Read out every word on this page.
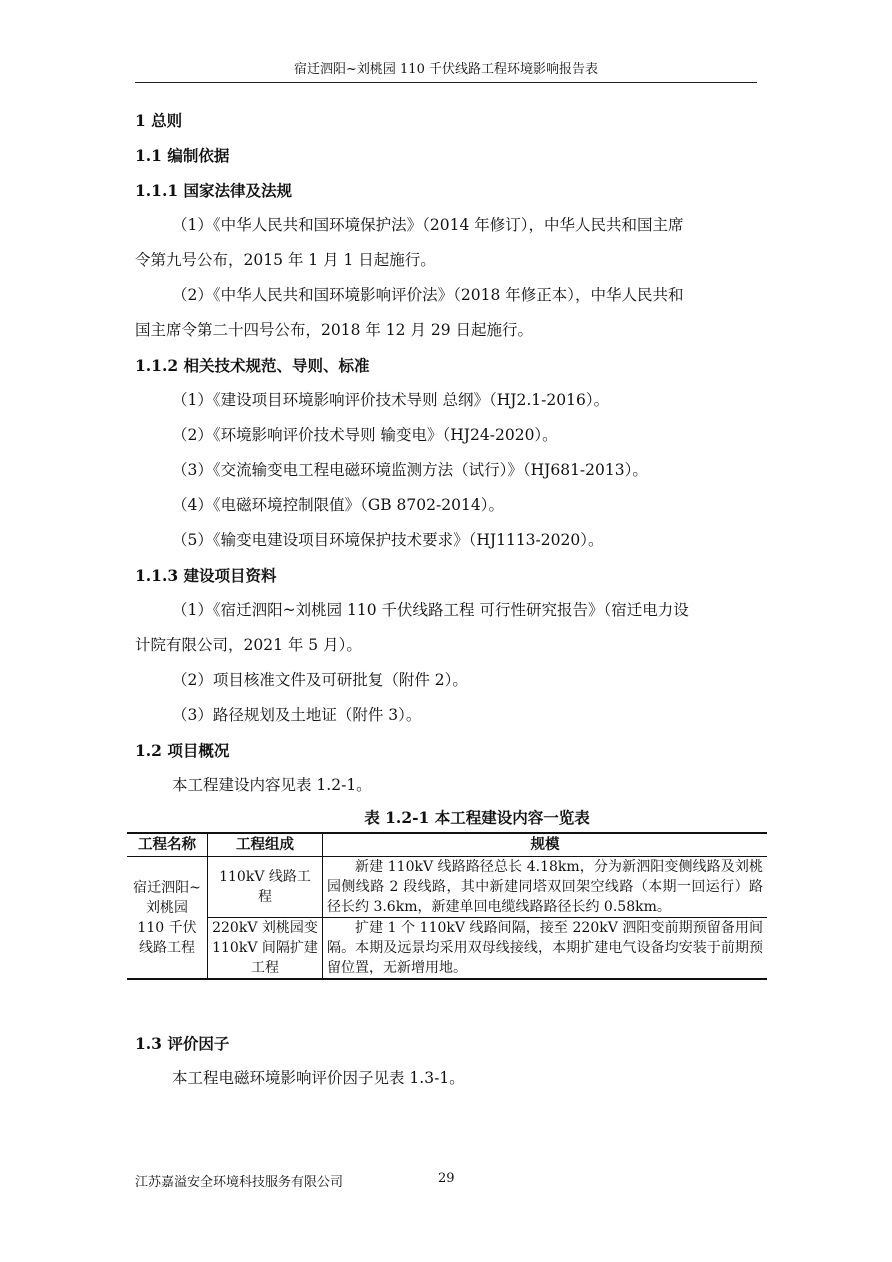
宿迁泗阳~刘桃园 110 千伏线路工程环境影响报告表
1 总则
1.1 编制依据
1.1.1 国家法律及法规
（1）《中华人民共和国环境保护法》（2014 年修订），中华人民共和国主席
令第九号公布，2015 年 1 月 1 日起施行。
（2）《中华人民共和国环境影响评价法》（2018 年修正本），中华人民共和
国主席令第二十四号公布，2018 年 12 月 29 日起施行。
1.1.2 相关技术规范、导则、标准
（1）《建设项目环境影响评价技术导则 总纲》（HJ2.1-2016）。
（2）《环境影响评价技术导则 输变电》（HJ24-2020）。
（3）《交流输变电工程电磁环境监测方法（试行）》（HJ681-2013）。
（4）《电磁环境控制限值》（GB 8702-2014）。
（5）《输变电建设项目环境保护技术要求》（HJ1113-2020）。
1.1.3 建设项目资料
（1）《宿迁泗阳~刘桃园 110 千伏线路工程 可行性研究报告》（宿迁电力设
计院有限公司，2021 年 5 月）。
（2）项目核准文件及可研批复（附件 2）。
（3）路径规划及土地证（附件 3）。
1.2 项目概况
本工程建设内容见表 1.2-1。
表 1.2-1 本工程建设内容一览表
工程名称	工程组成	规模
宿迁泗阳~刘桃园 110 千伏线路工程	110kV 线路工程	新建 110kV 线路路径总长 4.18km，分为新泗阳变侧线路及刘桃园侧线路 2 段线路，其中新建同塔双回架空线路（本期一回运行）路径长约 3.6km，新建单回电缆线路路径长约 0.58km。
	220kV 刘桃园变 110kV 间隔扩建工程	扩建 1 个 110kV 线路间隔，接至 220kV 泗阳变前期预留备用间隔。本期及远景均采用双母线接线，本期扩建电气设备均安装于前期预留位置，无新增用地。
1.3 评价因子
本工程电磁环境影响评价因子见表 1.3-1。
江苏嘉溢安全环境科技服务有限公司	29
